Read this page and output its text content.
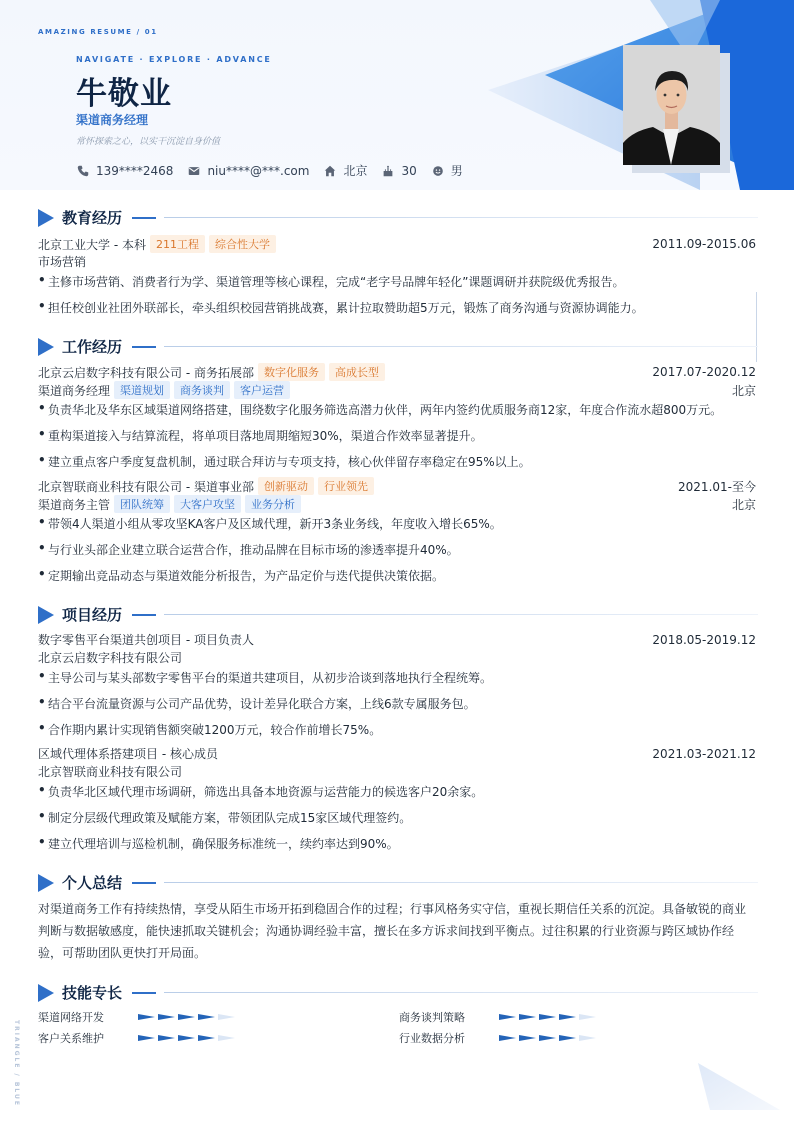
AMAZING RESUME / 01
NAVIGATE · EXPLORE · ADVANCE
牛敬业
渠道商务经理
常怀探索之心，以实干沉淀自身价值
139****2468	niu****@***.com	北京	30	男
教育经历
北京工业大学 - 本科 211工程	综合性大学	2011.09-2015.06
市场营销
• 主修市场营销、消费者行为学、渠道管理等核心课程，完成“老字号品牌年轻化”课题调研并获院级优秀报告。
• 担任校创业社团外联部长，牵头组织校园营销挑战赛，累计拉取赞助超5万元，锻炼了商务沟通与资源协调能力。
工作经历
北京云启数字科技有限公司 - 商务拓展部 数字化服务	高成长型	2017.07-2020.12
渠道商务经理 渠道规划	商务谈判	客户运营	北京
• 负责华北及华东区域渠道网络搭建，围绕数字化服务筛选高潜力伙伴，两年内签约优质服务商12家，年度合作流水超800万元。
• 重构渠道接入与结算流程，将单项目落地周期缩短30%，渠道合作效率显著提升。
• 建立重点客户季度复盘机制，通过联合拜访与专项支持，核心伙伴留存率稳定在95%以上。
北京智联商业科技有限公司 - 渠道事业部 创新驱动	行业领先	2021.01-至今
渠道商务主管 团队统筹	大客户攻坚	业务分析	北京
• 带领4人渠道小组从零攻坚KA客户及区域代理，新开3条业务线，年度收入增长65%。
• 与行业头部企业建立联合运营合作，推动品牌在目标市场的渗透率提升40%。
• 定期输出竞品动态与渠道效能分析报告，为产品定价与迭代提供决策依据。
项目经历
数字零售平台渠道共创项目 - 项目负责人	2018.05-2019.12
北京云启数字科技有限公司
• 主导公司与某头部数字零售平台的渠道共建项目，从初步洽谈到落地执行全程统筹。
• 结合平台流量资源与公司产品优势，设计差异化联合方案，上线6款专属服务包。
• 合作期内累计实现销售额突破1200万元，较合作前增长75%。
区域代理体系搭建项目 - 核心成员	2021.03-2021.12
北京智联商业科技有限公司
• 负责华北区域代理市场调研，筛选出具备本地资源与运营能力的候选客户20余家。
• 制定分层级代理政策及赋能方案，带领团队完成15家区域代理签约。
• 建立代理培训与巡检机制，确保服务标准统一，续约率达到90%。
个人总结
对渠道商务工作有持续热情，享受从陌生市场开拓到稳固合作的过程；行事风格务实守信，重视长期信任关系的沉淀。具备敏锐的商业判断与数据敏感度，能快速抓取关键机会；沟通协调经验丰富，擅长在多方诉求间找到平衡点。过往积累的行业资源与跨区域协作经验，可帮助团队更快打开局面。
技能专长
渠道网络开发	商务谈判策略
客户关系维护	行业数据分析
TRIANGLE / BLUE
